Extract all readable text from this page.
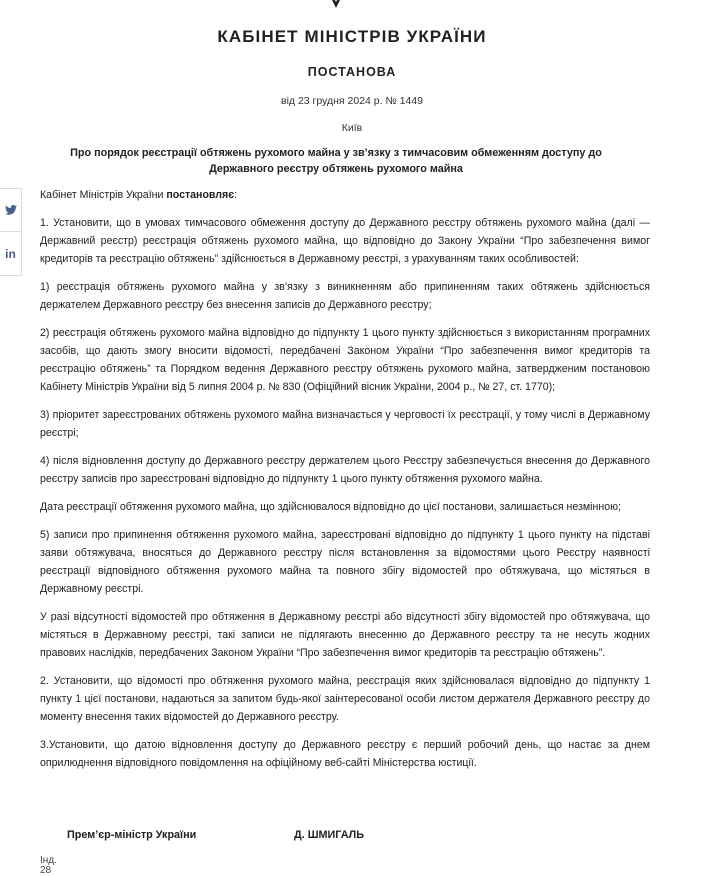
in
КАБІНЕТ МІНІСТРІВ УКРАЇНИ
ПОСТАНОВА
від 23 грудня 2024 р. № 1449
Київ
Про порядок реєстрації обтяжень рухомого майна у зв’язку з тимчасовим обмеженням доступу до
Державного реєстру обтяжень рухомого майна

Кабінет Міністрів України постановляє:

1. Установити, що в умовах тимчасового обмеження доступу до Державного реєстру обтяжень рухомого майна (далі — Державний реєстр) реєстрація обтяжень рухомого майна, що відповідно до Закону України “Про забезпечення вимог кредиторів та реєстрацію обтяжень” здійснюється в Державному реєстрі, з урахуванням таких особливостей:

1) реєстрація обтяжень рухомого майна у зв’язку з виникненням або припиненням таких обтяжень здійснюється держателем Державного реєстру без внесення записів до Державного реєстру;

2) реєстрація обтяжень рухомого майна відповідно до підпункту 1 цього пункту здійснюється з використанням програмних засобів, що дають змогу вносити відомості, передбачені Законом України “Про забезпечення вимог кредиторів та реєстрацію обтяжень” та Порядком ведення Державного реєстру обтяжень рухомого майна, затвердженим постановою Кабінету Міністрів України від 5 липня 2004 р. № 830 (Офіційний вісник України, 2004 р., № 27, ст. 1770);

3) пріоритет зареєстрованих обтяжень рухомого майна визначається у черговості їх реєстрації, у тому числі в Державному реєстрі;

4) після відновлення доступу до Державного реєстру держателем цього Реєстру забезпечується внесення до Державного реєстру записів про зареєстровані відповідно до підпункту 1 цього пункту обтяження рухомого майна.

Дата реєстрації обтяження рухомого майна, що здійснювалося відповідно до цієї постанови, залишається незмінною;

5) записи про припинення обтяження рухомого майна, зареєстровані відповідно до підпункту 1 цього пункту на підставі заяви обтяжувача, вносяться до Державного реєстру після встановлення за відомостями цього Реєстру наявності реєстрації відповідного обтяження рухомого майна та повного збігу відомостей про обтяжувача, що містяться в Державному реєстрі.

У разі відсутності відомостей про обтяження в Державному реєстрі або відсутності збігу відомостей про обтяжувача, що містяться в Державному реєстрі, такі записи не підлягають внесенню до Державного реєстру та не несуть жодних правових наслідків, передбачених Законом України “Про забезпечення вимог кредиторів та реєстрацію обтяжень”.

2. Установити, що відомості про обтяження рухомого майна, реєстрація яких здійснювалася відповідно до підпункту 1 пункту 1 цієї постанови, надаються за запитом будь-якої заінтересованої особи листом держателя Державного реєстру до моменту внесення таких відомостей до Державного реєстру.

3.Установити, що датою відновлення доступу до Державного реєстру є перший робочий день, що настає за днем оприлюднення відповідного повідомлення на офіційному веб-сайті Міністерства юстиції.

Прем’єр-міністр України	Д. ШМИГАЛЬ
Інд. 28
